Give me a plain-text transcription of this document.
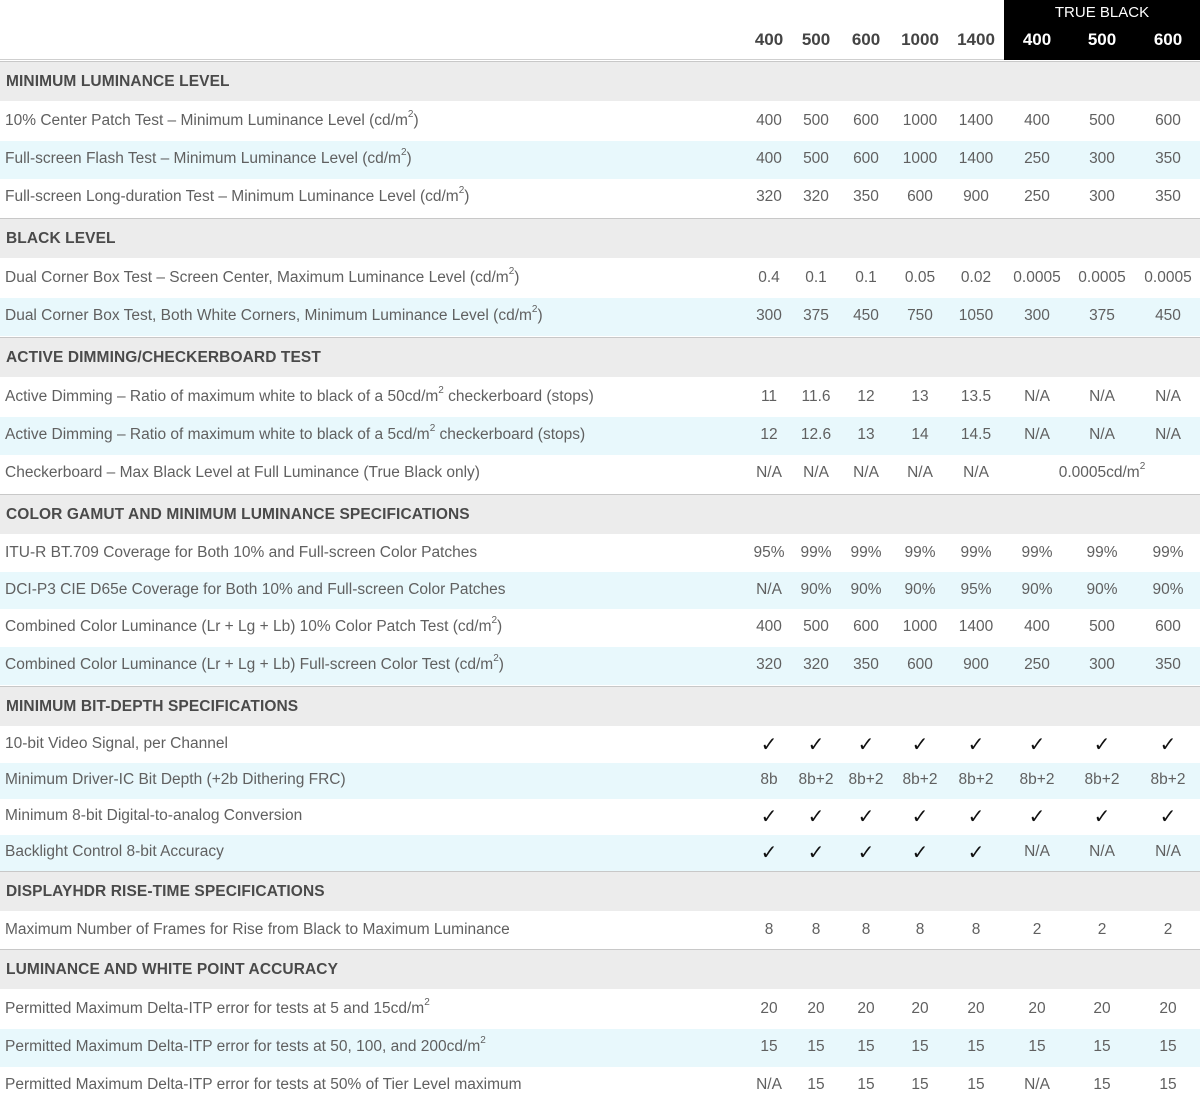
TRUE BLACK
400	500	600	1000	1400	400	500	600
MINIMUM LUMINANCE LEVEL
10% Center Patch Test – Minimum Luminance Level $(cd/m^2)$	400	500	600	1000	1400	400	500	600
Full-screen Flash Test – Minimum Luminance Level $(cd/m^2)$	400	500	600	1000	1400	250	300	350
Full-screen Long-duration Test – Minimum Luminance Level $(cd/m^2)$	320	320	350	600	900	250	300	350
BLACK LEVEL
Dual Corner Box Test – Screen Center, Maximum Luminance Level $(cd/m^2)$	0.4	0.1	0.1	0.05	0.02	0.0005	0.0005	0.0005
Dual Corner Box Test, Both White Corners, Minimum Luminance Level $(cd/m^2)$	300	375	450	750	1050	300	375	450
ACTIVE DIMMING/CHECKERBOARD TEST
Active Dimming – Ratio of maximum white to black of a $50cd/m^2$ checkerboard (stops)	11	11.6	12	13	13.5	N/A	N/A	N/A
Active Dimming – Ratio of maximum white to black of a $5cd/m^2$ checkerboard (stops)	12	12.6	13	14	14.5	N/A	N/A	N/A
Checkerboard – Max Black Level at Full Luminance (True Black only)	N/A	N/A	N/A	N/A	N/A	$0.0005cd/m^2$
COLOR GAMUT AND MINIMUM LUMINANCE SPECIFICATIONS
ITU-R BT.709 Coverage for Both 10% and Full-screen Color Patches	95%	99%	99%	99%	99%	99%	99%	99%
DCI-P3 CIE D65e Coverage for Both 10% and Full-screen Color Patches	N/A	90%	90%	90%	95%	90%	90%	90%
Combined Color Luminance (Lr + Lg + Lb) 10% Color Patch Test $(cd/m^2)$	400	500	600	1000	1400	400	500	600
Combined Color Luminance (Lr + Lg + Lb) Full-screen Color Test $(cd/m^2)$	320	320	350	600	900	250	300	350
MINIMUM BIT-DEPTH SPECIFICATIONS
10-bit Video Signal, per Channel	✓	✓	✓	✓	✓	✓	✓	✓
Minimum Driver-IC Bit Depth (+2b Dithering FRC)	8b	8b+2 8b+2	8b+2	8b+2	8b+2	8b+2	8b+2
Minimum 8-bit Digital-to-analog Conversion	✓	✓	✓	✓	✓	✓	✓	✓
Backlight Control 8-bit Accuracy	✓	✓	✓	✓	✓	N/A	N/A	N/A
DISPLAYHDR RISE-TIME SPECIFICATIONS
Maximum Number of Frames for Rise from Black to Maximum Luminance	8	8	8	8	8	2	2	2
LUMINANCE AND WHITE POINT ACCURACY
Permitted Maximum Delta-ITP error for tests at 5 and $15cd/m^2$	20	20	20	20	20	20	20	20
Permitted Maximum Delta-ITP error for tests at 50, 100, and $200cd/m^2$	15	15	15	15	15	15	15	15
Permitted Maximum Delta-ITP error for tests at 50% of Tier Level maximum	N/A	15	15	15	15	N/A	15	15
